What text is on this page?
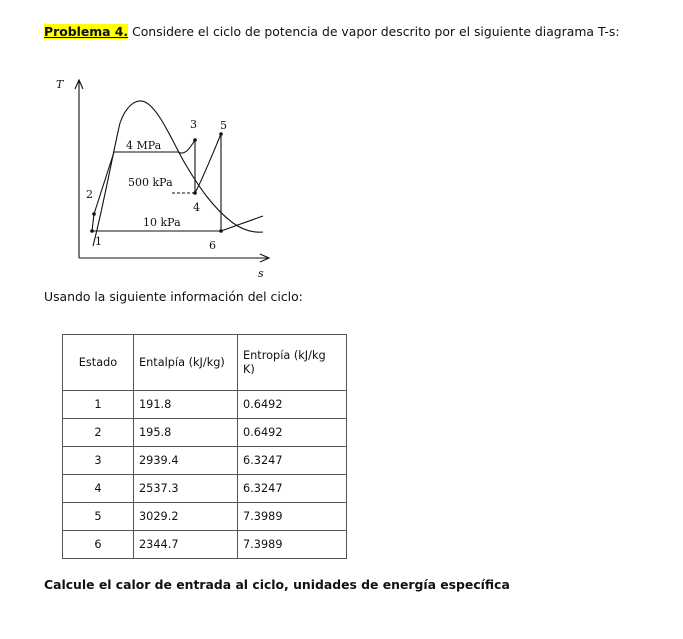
Problema 4. Considere el ciclo de potencia de vapor descrito por el siguiente diagrama T-s:
T
s
4 MPa
500 kPa
10 kPa
1
2
3
4
5
6
Usando la siguiente información del ciclo:
Estado	Entalpía (kJ/kg)	Entropía (kJ/kg K)
1	191.8	0.6492
2	195.8	0.6492
3	2939.4	6.3247
4	2537.3	6.3247
5	3029.2	7.3989
6	2344.7	7.3989
Calcule el calor de entrada al ciclo, unidades de energía específica
